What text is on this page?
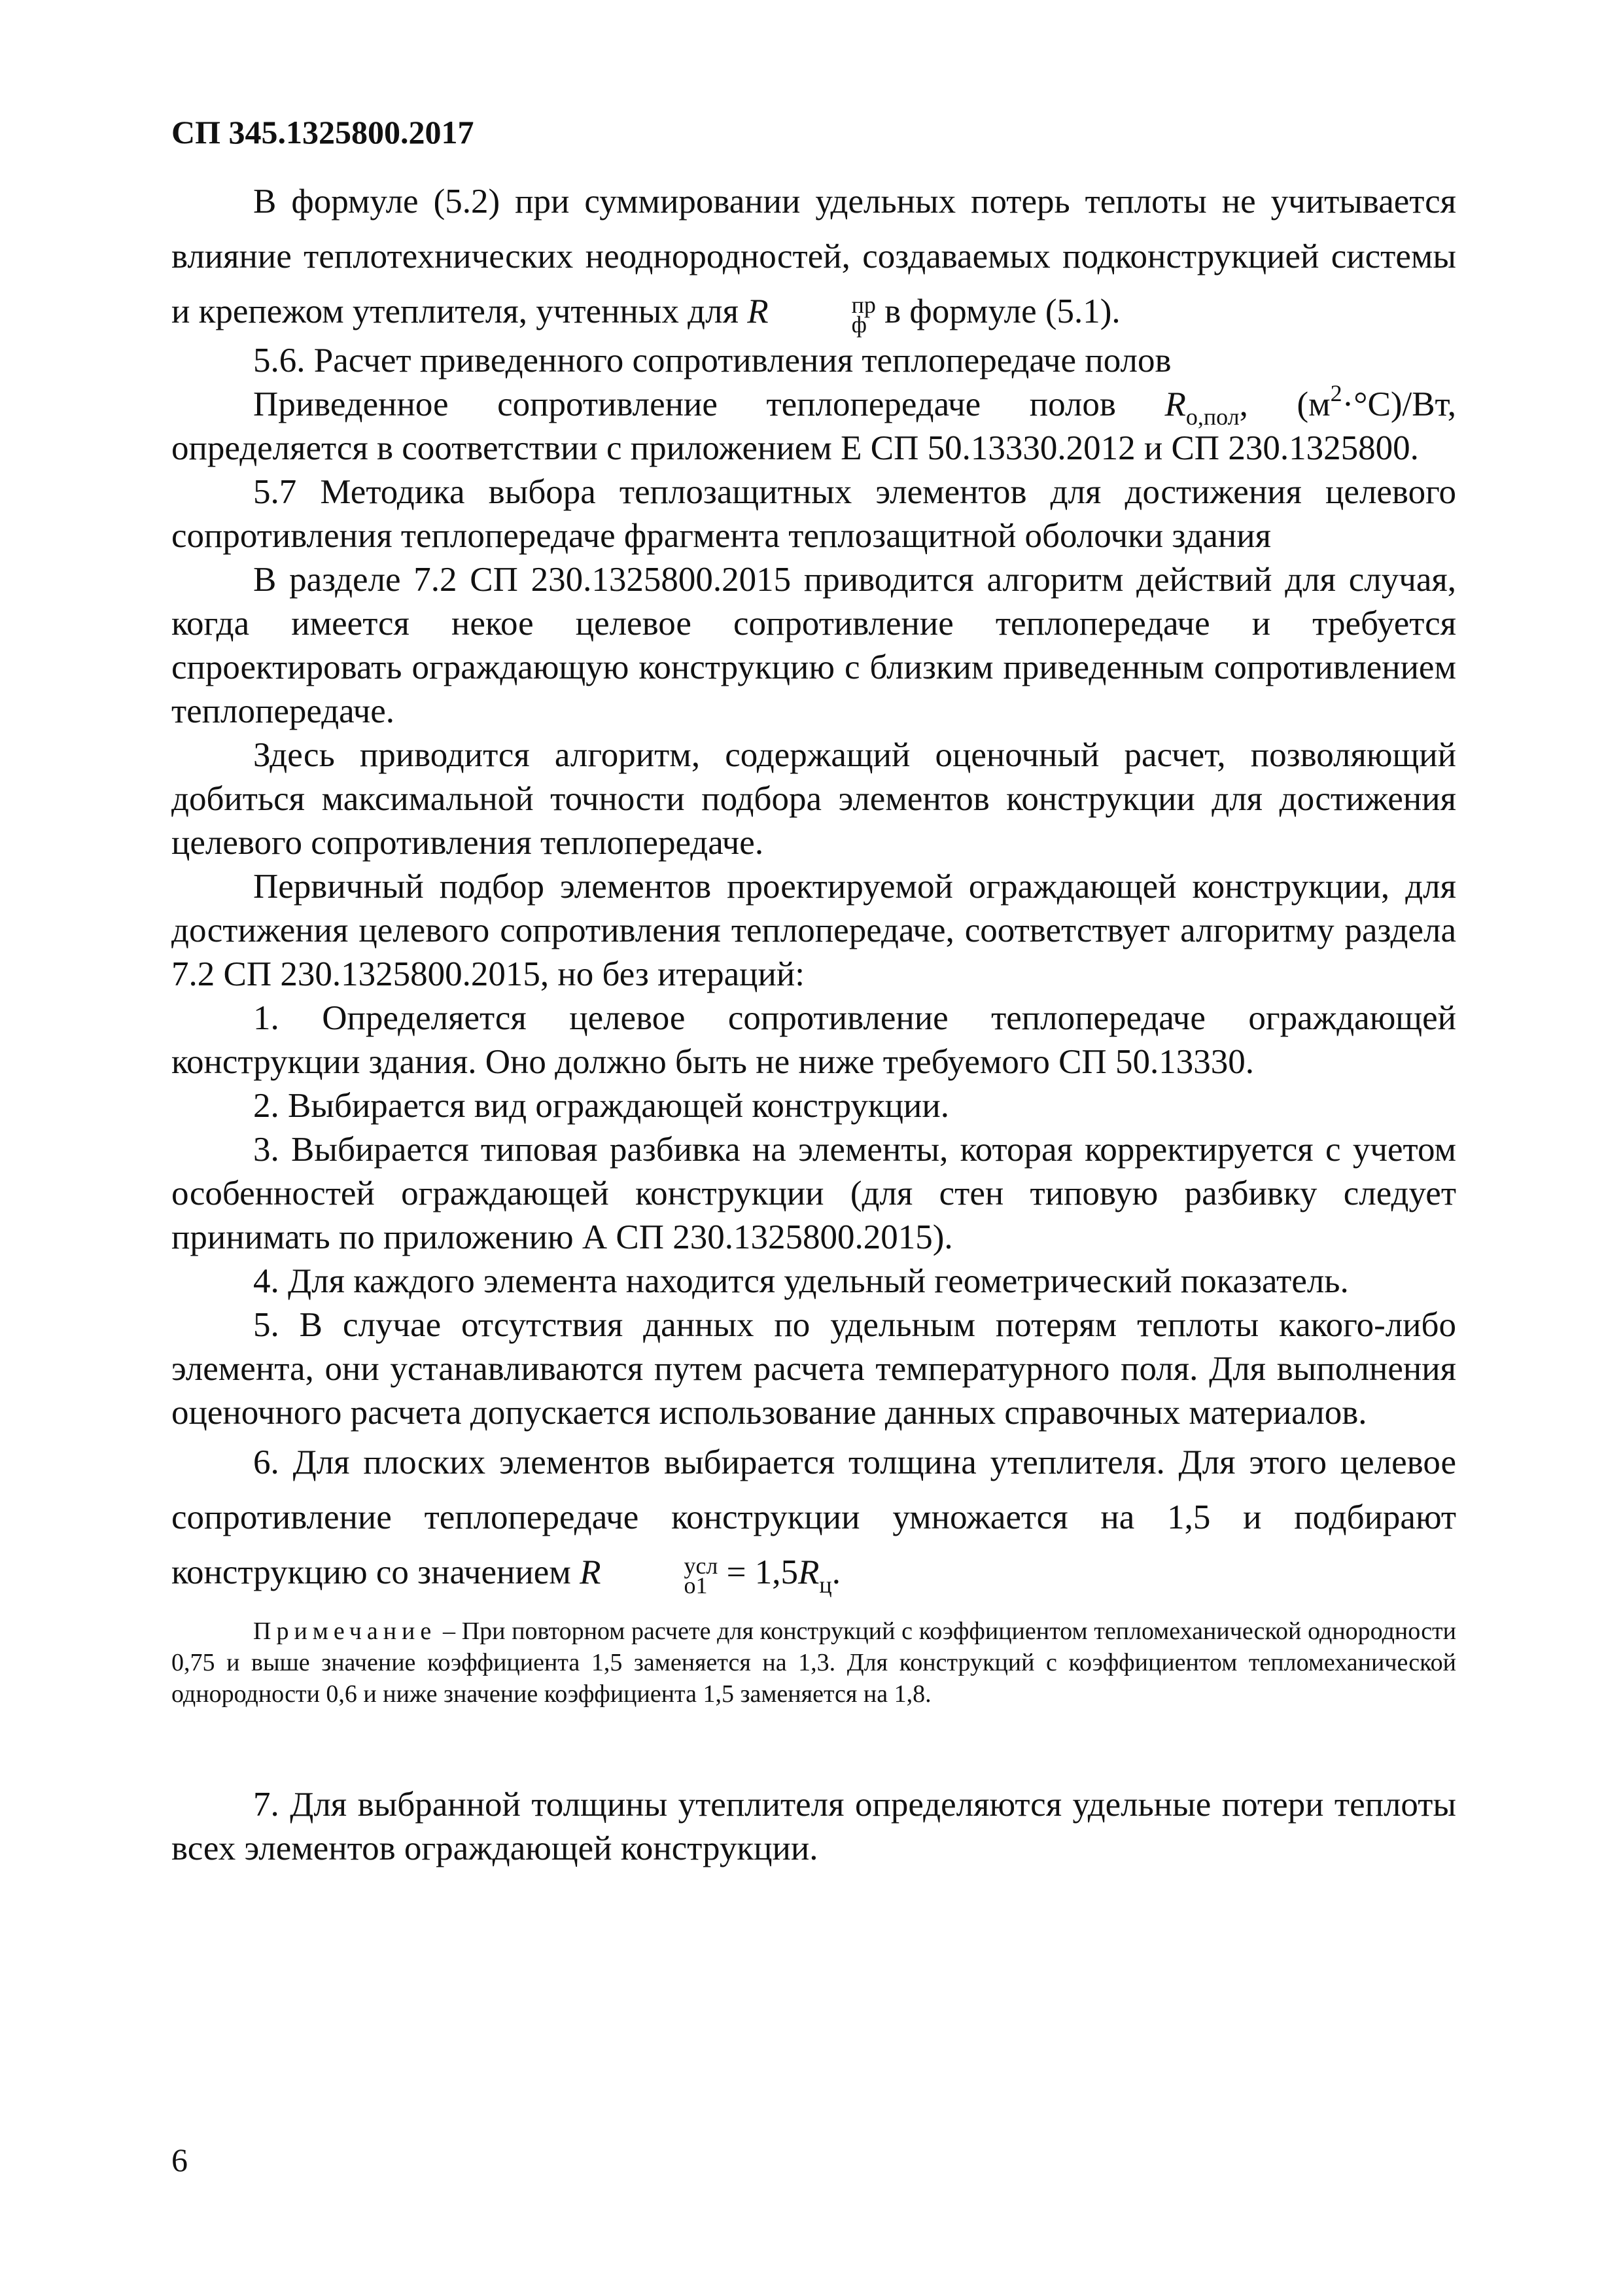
СП 345.1325800.2017

В формуле (5.2) при суммировании удельных потерь теплоты не учитывается влияние теплотехнических неоднородностей, создаваемых подконструкцией системы и крепежом утеплителя, учтенных для R	пр
ф в формуле (5.1).

5.6. Расчет приведенного сопротивления теплопередаче полов

Приведенное сопротивление теплопередаче полов $R_{о,пол}$, $(м^2\cdot^\circ С)/Вт$, определяется в соответствии с приложением Е СП 50.13330.2012 и СП 230.1325800.

5.7 Методика выбора теплозащитных элементов для достижения целевого сопротивления теплопередаче фрагмента теплозащитной оболочки здания

В разделе 7.2 СП 230.1325800.2015 приводится алгоритм действий для случая, когда имеется некое целевое сопротивление теплопередаче и требуется спроектировать ограждающую конструкцию с близким приведенным сопротивлением теплопередаче.

Здесь приводится алгоритм, содержащий оценочный расчет, позволяющий добиться максимальной точности подбора элементов конструкции для достижения целевого сопротивления теплопередаче.

Первичный подбор элементов проектируемой ограждающей конструкции, для достижения целевого сопротивления теплопередаче, соответствует алгоритму раздела 7.2 СП 230.1325800.2015, но без итераций:

1. Определяется целевое сопротивление теплопередаче ограждающей конструкции здания. Оно должно быть не ниже требуемого СП 50.13330.

2. Выбирается вид ограждающей конструкции.

3. Выбирается типовая разбивка на элементы, которая корректируется с учетом особенностей ограждающей конструкции (для стен типовую разбивку следует принимать по приложению А СП 230.1325800.2015).

4. Для каждого элемента находится удельный геометрический показатель.

5. В случае отсутствия данных по удельным потерям теплоты какого-либо элемента, они устанавливаются путем расчета температурного поля. Для выполнения оценочного расчета допускается использование данных справочных материалов.

6. Для плоских элементов выбирается толщина утеплителя. Для этого целевое сопротивление теплопередаче конструкции умножается на 1,5 и подбирают конструкцию со значением R	усл
$о1 = 1,5R_ц$.

Примечание – При повторном расчете для конструкций с коэффициентом тепломеханической однородности 0,75 и выше значение коэффициента 1,5 заменяется на 1,3. Для конструкций с коэффициентом тепломеханической однородности 0,6 и ниже значение коэффициента 1,5 заменяется на 1,8.

7. Для выбранной толщины утеплителя определяются удельные потери теплоты всех элементов ограждающей конструкции.

6
